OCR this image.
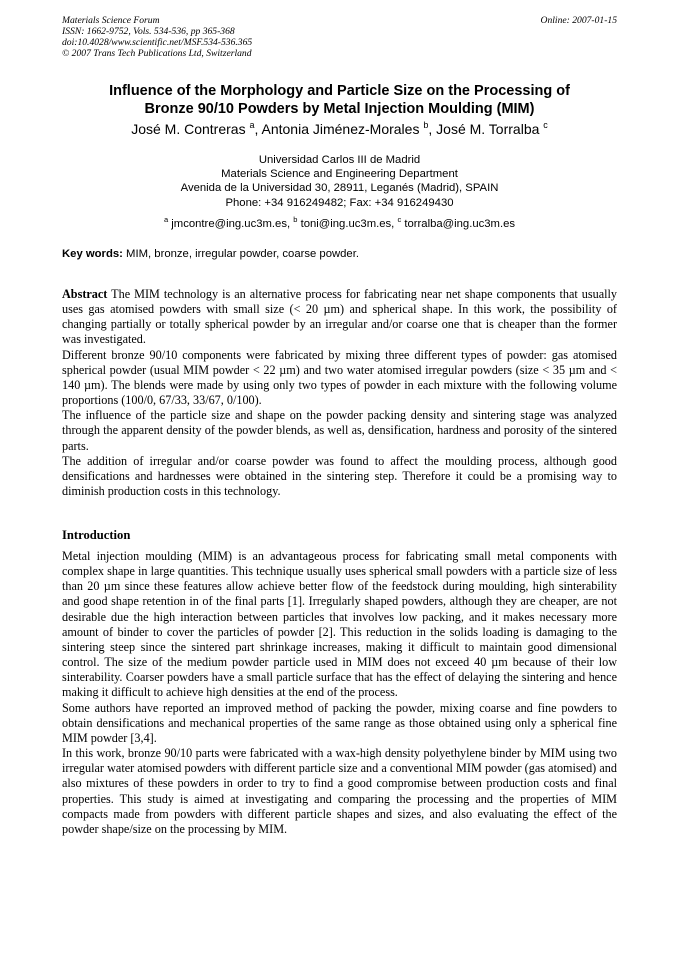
Materials Science Forum
ISSN: 1662-9752, Vols. 534-536, pp 365-368
doi:10.4028/www.scientific.net/MSF.534-536.365
© 2007 Trans Tech Publications Ltd, Switzerland
Online: 2007-01-15
Influence of the Morphology and Particle Size on the Processing of
Bronze 90/10 Powders by Metal Injection Moulding (MIM)
José M. Contreras $^a$, Antonia Jiménez-Morales $^b$, José M. Torralba $^c$
Universidad Carlos III de Madrid
Materials Science and Engineering Department
Avenida de la Universidad 30, 28911, Leganés (Madrid), SPAIN
Phone: +34 916249482; Fax: +34 916249430
$^a$ jmcontre@ing.uc3m.es, $^b$ toni@ing.uc3m.es, $^c$ torralba@ing.uc3m.es
Key words: MIM, bronze, irregular powder, coarse powder.

Abstract The MIM technology is an alternative process for fabricating near net shape components that usually uses gas atomised powders with small size (< 20 µm) and spherical shape. In this work, the possibility of changing partially or totally spherical powder by an irregular and/or coarse one that is cheaper than the former was investigated.

Different bronze 90/10 components were fabricated by mixing three different types of powder: gas atomised spherical powder (usual MIM powder < 22 µm) and two water atomised irregular powders (size < 35 µm and < 140 µm). The blends were made by using only two types of powder in each mixture with the following volume proportions (100/0, 67/33, 33/67, 0/100).

The influence of the particle size and shape on the powder packing density and sintering stage was analyzed through the apparent density of the powder blends, as well as, densification, hardness and porosity of the sintered parts.

The addition of irregular and/or coarse powder was found to affect the moulding process, although good densifications and hardnesses were obtained in the sintering step. Therefore it could be a promising way to diminish production costs in this technology.

Introduction

Metal injection moulding (MIM) is an advantageous process for fabricating small metal components with complex shape in large quantities. This technique usually uses spherical small powders with a particle size of less than 20 µm since these features allow achieve better flow of the feedstock during moulding, high sinterability and good shape retention in of the final parts [1]. Irregularly shaped powders, although they are cheaper, are not desirable due the high interaction between particles that involves low packing, and it makes necessary more amount of binder to cover the particles of powder [2]. This reduction in the solids loading is damaging to the sintering steep since the sintered part shrinkage increases, making it difficult to maintain good dimensional control. The size of the medium powder particle used in MIM does not exceed 40 µm because of their low sinterability. Coarser powders have a small particle surface that has the effect of delaying the sintering and hence making it difficult to achieve high densities at the end of the process.

Some authors have reported an improved method of packing the powder, mixing coarse and fine powders to obtain densifications and mechanical properties of the same range as those obtained using only a spherical fine MIM powder [3,4].

In this work, bronze 90/10 parts were fabricated with a wax-high density polyethylene binder by MIM using two irregular water atomised powders with different particle size and a conventional MIM powder (gas atomised) and also mixtures of these powders in order to try to find a good compromise between production costs and final properties. This study is aimed at investigating and comparing the processing and the properties of MIM compacts made from powders with different particle shapes and sizes, and also evaluating the effect of the powder shape/size on the processing by MIM.
